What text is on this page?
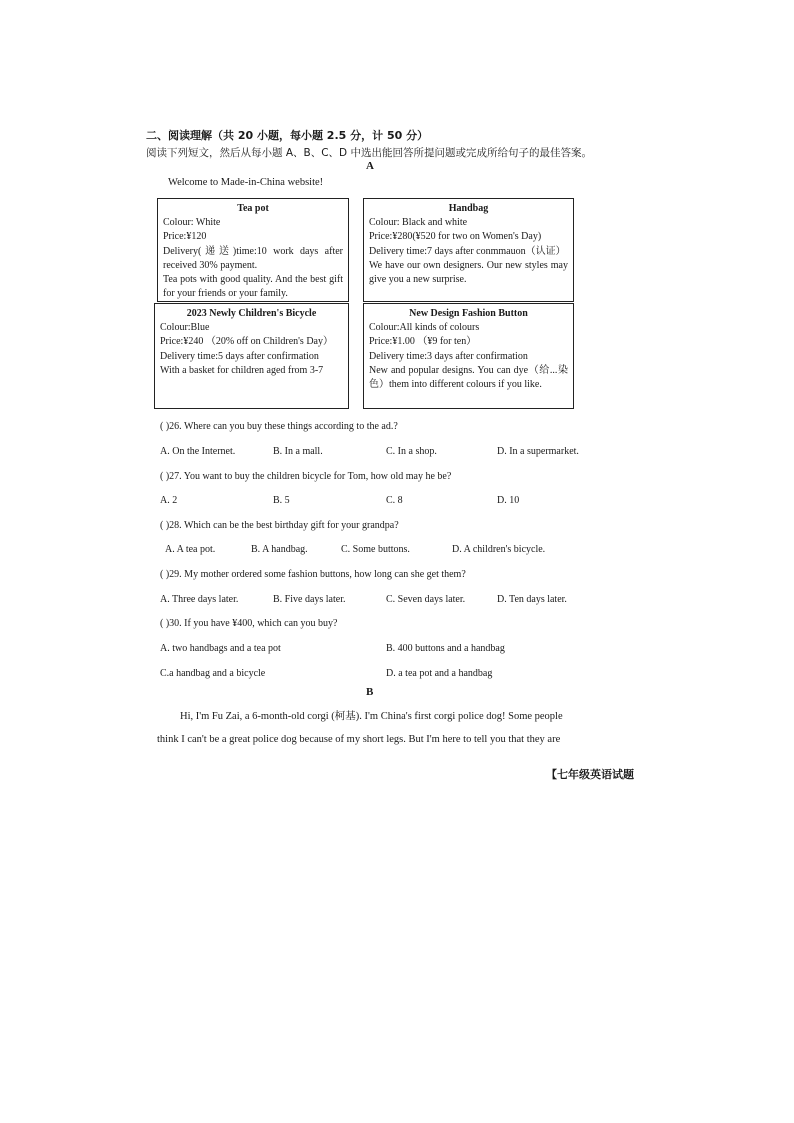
二、阅读理解（共 20 小题，每小题 2.5 分，计 50 分）
阅读下列短文，然后从每小题 A、B、C、D 中选出能回答所提问题或完成所给句子的最佳答案。
A
Welcome to Made-in-China website!
Tea pot
Colour: White
Price:¥120
Delivery(递送)time:10 work days after received 30% payment.
Tea pots with good quality. And the best gift for your friends or your family.
Handbag
Colour: Black and white
Price:¥280(¥520 for two on Women's Day)
Delivery time:7 days after conmmauon（认证）
We have our own designers. Our new styles may give you a new surprise.
2023 Newly Children's Bicycle
Colour:Blue
Price:¥240 （20% off on Children's Day）
Delivery time:5 days after confirmation
With a basket for children aged from 3-7
New Design Fashion Button
Colour:All kinds of colours
Price:¥1.00 （¥9 for ten）
Delivery time:3 days after confirmation
New and popular designs. You can dye（给...染色）them into different colours if you like.
( )26. Where can you buy these things according to the ad.?
A. On the Internet.	B. In a mall.	C. In a shop.	D. In a supermarket.
( )27. You want to buy the children bicycle for Tom, how old may he be?
A. 2	B. 5	C. 8	D. 10
( )28. Which can be the best birthday gift for your grandpa?
A. A tea pot.	B. A handbag.	C. Some buttons.	D. A children's bicycle.
( )29. My mother ordered some fashion buttons, how long can she get them?
A. Three days later.	B. Five days later.	C. Seven days later.	D. Ten days later.
( )30. If you have ¥400, which can you buy?
A. two handbags and a tea pot	B. 400 buttons and a handbag
C.a handbag and a bicycle	D. a tea pot and a handbag
B
Hi, I'm Fu Zai, a 6-month-old corgi (柯基). I'm China's first corgi police dog! Some people
think I can't be a great police dog because of my short legs. But I'm here to tell you that they are
【七年级英语试题
